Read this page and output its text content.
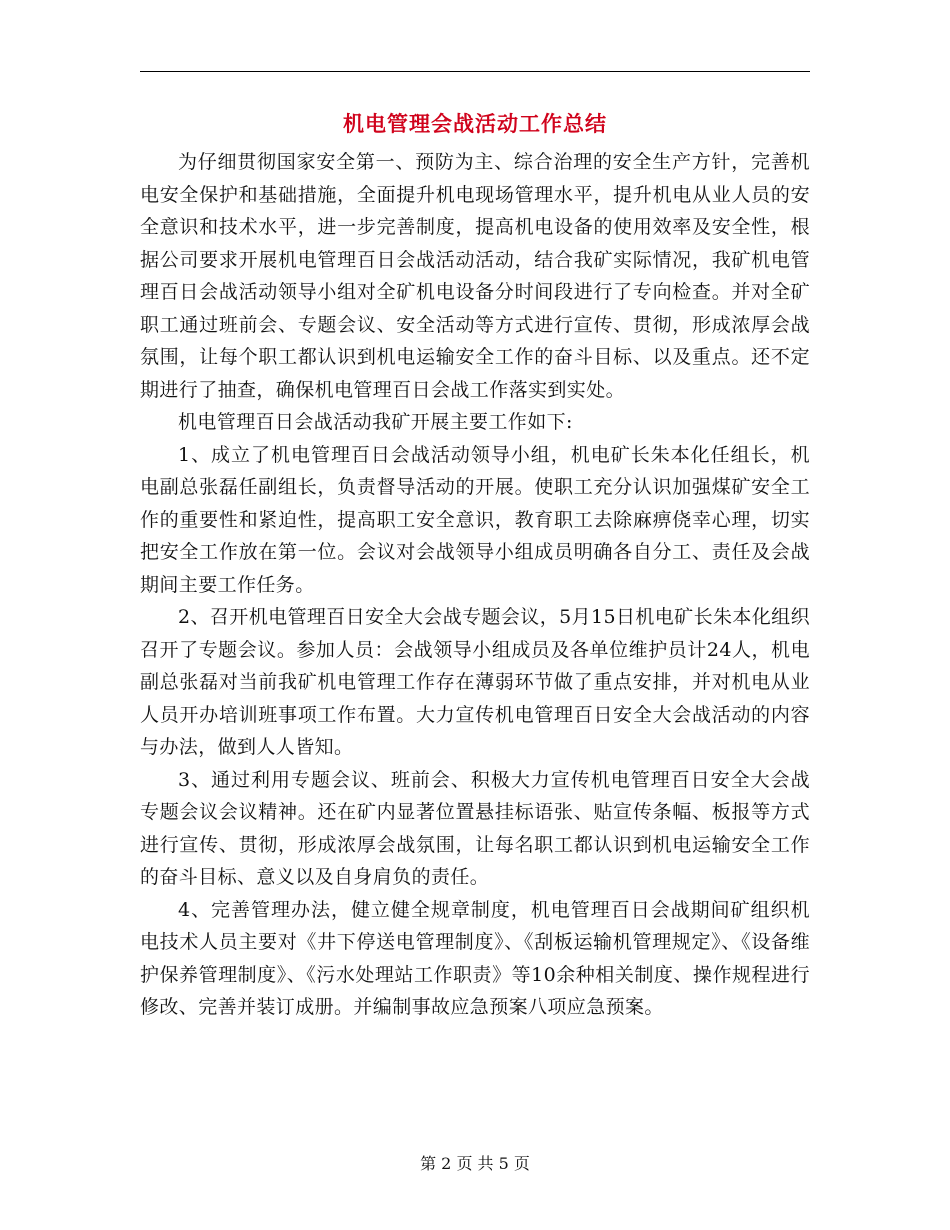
机电管理会战活动工作总结

为仔细贯彻国家安全第一、预防为主、综合治理的安全生产方针，完善机电安全保护和基础措施，全面提升机电现场管理水平，提升机电从业人员的安全意识和技术水平，进一步完善制度，提高机电设备的使用效率及安全性，根据公司要求开展机电管理百日会战活动活动，结合我矿实际情况，我矿机电管理百日会战活动领导小组对全矿机电设备分时间段进行了专向检查。并对全矿职工通过班前会、专题会议、安全活动等方式进行宣传、贯彻，形成浓厚会战氛围，让每个职工都认识到机电运输安全工作的奋斗目标、以及重点。还不定期进行了抽查，确保机电管理百日会战工作落实到实处。

机电管理百日会战活动我矿开展主要工作如下:

1、成立了机电管理百日会战活动领导小组，机电矿长朱本化任组长，机电副总张磊任副组长，负责督导活动的开展。使职工充分认识加强煤矿安全工作的重要性和紧迫性，提高职工安全意识，教育职工去除麻痹侥幸心理，切实把安全工作放在第一位。会议对会战领导小组成员明确各自分工、责任及会战期间主要工作任务。

2、召开机电管理百日安全大会战专题会议，5月15日机电矿长朱本化组织召开了专题会议。参加人员：会战领导小组成员及各单位维护员计24人，机电副总张磊对当前我矿机电管理工作存在薄弱环节做了重点安排，并对机电从业人员开办培训班事项工作布置。大力宣传机电管理百日安全大会战活动的内容与办法，做到人人皆知。

3、通过利用专题会议、班前会、积极大力宣传机电管理百日安全大会战专题会议会议精神。还在矿内显著位置悬挂标语张、贴宣传条幅、板报等方式进行宣传、贯彻，形成浓厚会战氛围，让每名职工都认识到机电运输安全工作的奋斗目标、意义以及自身肩负的责任。

4、完善管理办法，健立健全规章制度，机电管理百日会战期间矿组织机电技术人员主要对《井下停送电管理制度》、《刮板运输机管理规定》、《设备维护保养管理制度》、《污水处理站工作职责》等10余种相关制度、操作规程进行修改、完善并装订成册。并编制事故应急预案八项应急预案。

第 2 页 共 5 页
